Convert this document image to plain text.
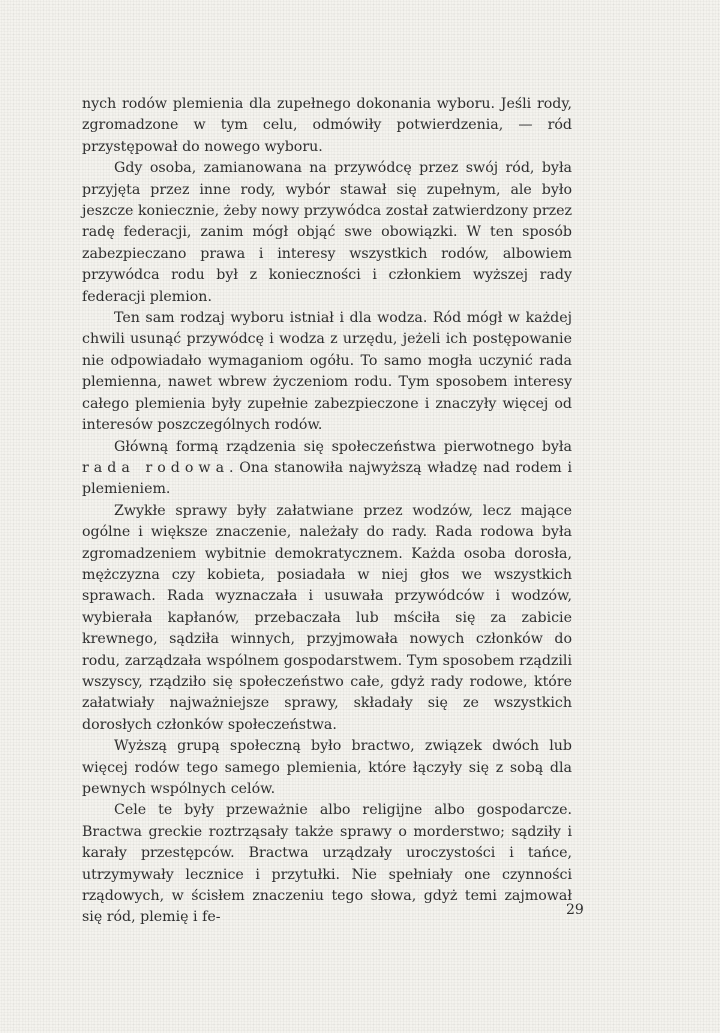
nych rodów plemienia dla zupełnego dokonania wyboru. Jeśli rody, zgromadzone w tym celu, odmówiły potwierdzenia, — ród przystępował do nowego wyboru.

Gdy osoba, zamianowana na przywódcę przez swój ród, była przyjęta przez inne rody, wybór stawał się zupełnym, ale było jeszcze koniecznie, żeby nowy przywódca został zatwierdzony przez radę federacji, zanim mógł objąć swe obowiązki. W ten sposób zabezpieczano prawa i interesy wszystkich rodów, albowiem przywódca rodu był z konieczności i członkiem wyższej rady federacji plemion.

Ten sam rodzaj wyboru istniał i dla wodza. Ród mógł w każdej chwili usunąć przywódcę i wodza z urzędu, jeżeli ich postępowanie nie odpowiadało wymaganiom ogółu. To samo mogła uczynić rada plemienna, nawet wbrew życzeniom rodu. Tym sposobem interesy całego plemienia były zupełnie zabezpieczone i znaczyły więcej od interesów poszczególnych rodów.

Główną formą rządzenia się społeczeństwa pierwotnego była rada rodowa. Ona stanowiła najwyższą władzę nad rodem i plemieniem.

Zwykłe sprawy były załatwiane przez wodzów, lecz mające ogólne i większe znaczenie, należały do rady. Rada rodowa była zgromadzeniem wybitnie demokratycznem. Każda osoba dorosła, mężczyzna czy kobieta, posiadała w niej głos we wszystkich sprawach. Rada wyznaczała i usuwała przywódców i wodzów, wybierała kapłanów, przebaczała lub mściła się za zabicie krewnego, sądziła winnych, przyjmowała nowych członków do rodu, zarządzała wspólnem gospodarstwem. Tym sposobem rządzili wszyscy, rządziło się społeczeństwo całe, gdyż rady rodowe, które załatwiały najważniejsze sprawy, składały się ze wszystkich dorosłych członków społeczeństwa.

Wyższą grupą społeczną było bractwo, związek dwóch lub więcej rodów tego samego plemienia, które łączyły się z sobą dla pewnych wspólnych celów.

Cele te były przeważnie albo religijne albo gospodarcze. Bractwa greckie roztrząsały także sprawy o morderstwo; sądziły i karały przestępców. Bractwa urządzały uroczystości i tańce, utrzymywały lecznice i przytułki. Nie spełniały one czynności rządowych, w ścisłem znaczeniu tego słowa, gdyż temi zajmował się ród, plemię i fe-	29
